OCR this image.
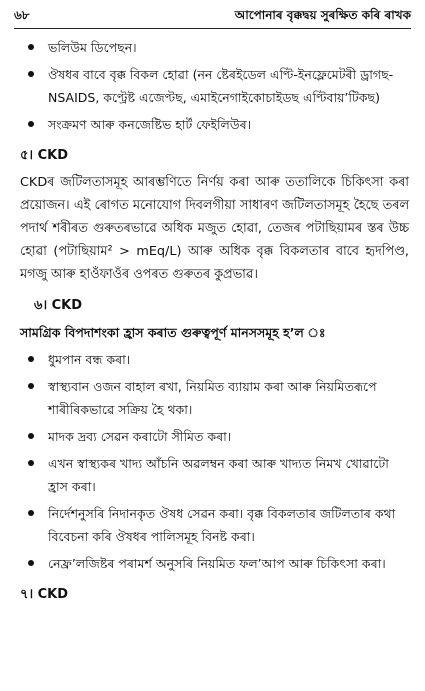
৬৮	আপোনাৰ বৃক্কদ্বয় সুৰক্ষিত কৰি ৰাখক
ভলিউম ডিপেছন।
ঔষধৰ বাবে বৃক্ক বিকল হোৱা (নন ষ্টেৰইডেল এণ্টি-ইনফ্লেমেটৰী ড্ৰাগছ-NSAIDS, কণ্ট্ৰেষ্ট এজেণ্টছ, এমাইনেগাইকোচাইডছ এণ্টিবায়’টিকছ)
সংক্ৰমণ আৰু কনজেষ্টিভ হাৰ্ট ফেইলিউৰ।
৫। CKD

CKDৰ জটিলতাসমূহ আৰম্ভণিতে নিৰ্ণয় কৰা আৰু ততালিকে চিকিৎসা কৰা প্ৰয়োজন। এই ৰোগত মনোযোগ দিবলগীয়া সাধাৰণ জটিলতাসমূহ হৈছে তৰল পদাৰ্থ শৰীৰত গুৰুতৰভাৱে অধিক মজুত হোৱা, তেজৰ পটাছিয়ামৰ স্তৰ উচ্চ হোৱা (পটাছিয়াম² > mEq/L) আৰু অধিক বৃক্ক বিকলতাৰ বাবে হৃদপিণ্ড, মগজু আৰু হাওঁফাওঁৰ ওপৰত গুৰুতৰ কুপ্ৰভাৱ।

৬। CKD
সামগ্ৰিক বিপদাশংকা হ্ৰাস কৰাত গুৰুত্বপূৰ্ণ মানসসমূহ হ’ল ঃ
ধুমপান বন্ধ কৰা।
স্বাস্থ্যবান ওজন বাহাল ৰখা, নিয়মিত ব্যায়াম কৰা আৰু নিয়মিতৰূপে শাৰীৰিকভাৱে সক্ৰিয় হৈ থকা।
মাদক দ্ৰব্য সেৱন কৰাটো সীমিত কৰা।
এখন স্বাস্থ্যকৰ খাদ্য আঁচনি অৱলম্বন কৰা আৰু খাদ্যত নিমখ খোৱাটো হ্ৰাস কৰা।
নিৰ্দেশনুসৰি নিদানকৃত ঔষধ সেৱন কৰা। বৃক্ক বিকলতাৰ জটিলতাৰ কথা বিবেচনা কৰি ঔষধৰ পালিসমূহ বিনষ্ট কৰা।
নেফ্ৰ’লজিষ্টৰ পৰামৰ্শ অনুসৰি নিয়মিত ফল’আপ আৰু চিকিৎসা কৰা।
৭। CKD
